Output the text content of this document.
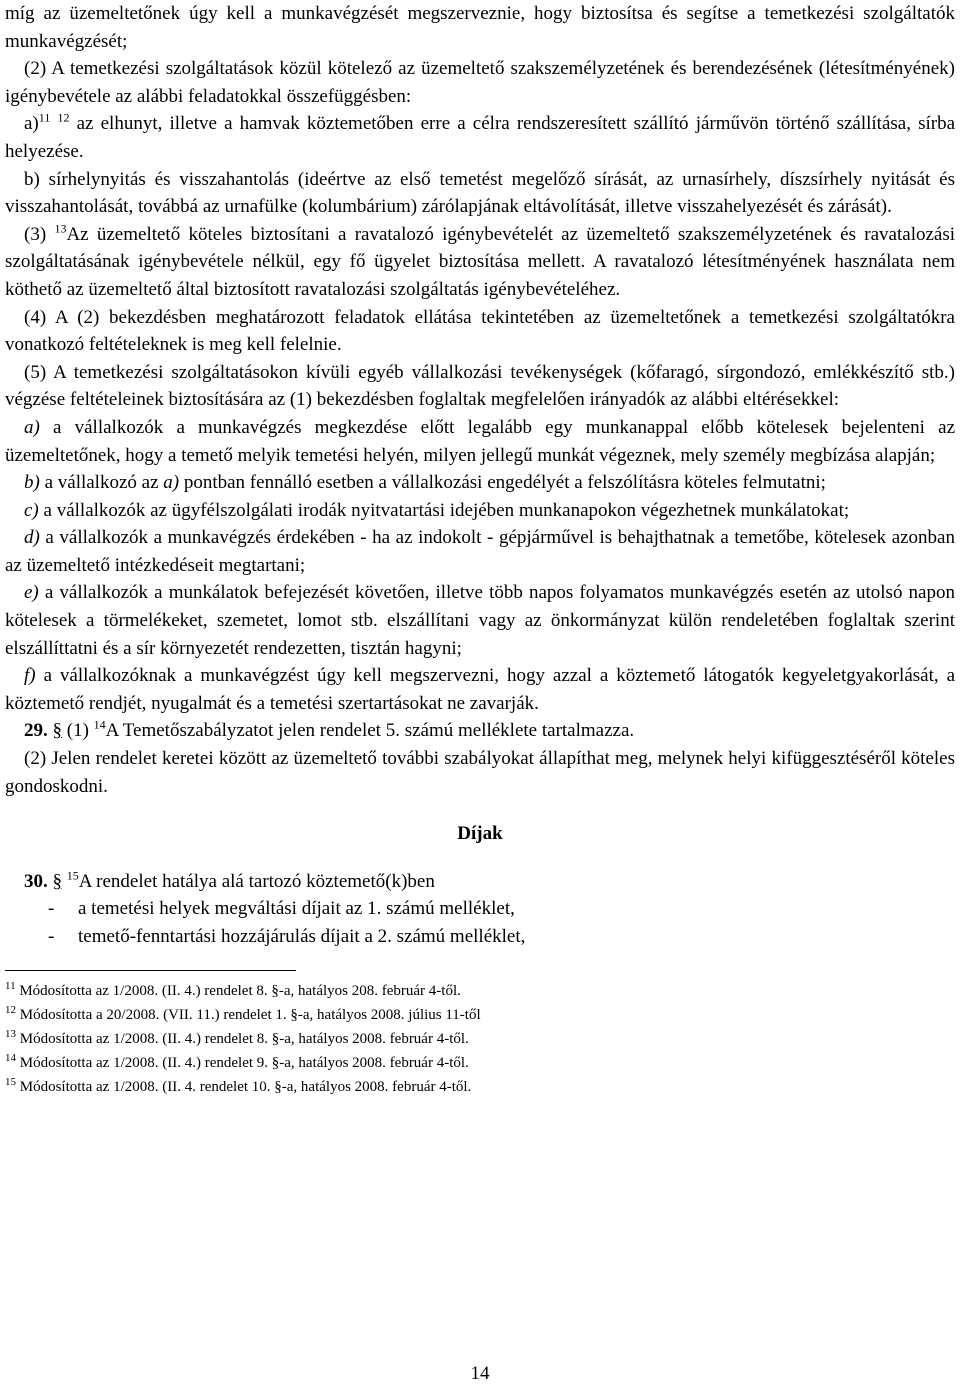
míg az üzemeltetőnek úgy kell a munkavégzését megszerveznie, hogy biztosítsa és segítse a temetkezési szolgáltatók munkavégzését;

(2) A temetkezési szolgáltatások közül kötelező az üzemeltető szakszemélyzetének és berendezésének (létesítményének) igénybevétele az alábbi feladatokkal összefüggésben:

a)$^{11}$ $^{12}$ az elhunyt, illetve a hamvak köztemetőben erre a célra rendszeresített szállító járművön történő szállítása, sírba helyezése.

b) sírhelynyitás és visszahantolás (ideértve az első temetést megelőző sírását, az urnasírhely, díszsírhely nyitását és visszahantolását, továbbá az urnafülke (kolumbárium) zárólapjának eltávolítását, illetve visszahelyezését és zárását).

(3) $^{13}$Az üzemeltető köteles biztosítani a ravatalozó igénybevételét az üzemeltető szakszemélyzetének és ravatalozási szolgáltatásának igénybevétele nélkül, egy fő ügyelet biztosítása mellett. A ravatalozó létesítményének használata nem köthető az üzemeltető által biztosított ravatalozási szolgáltatás igénybevételéhez.

(4) A (2) bekezdésben meghatározott feladatok ellátása tekintetében az üzemeltetőnek a temetkezési szolgáltatókra vonatkozó feltételeknek is meg kell felelnie.

(5) A temetkezési szolgáltatásokon kívüli egyéb vállalkozási tevékenységek (kőfaragó, sírgondozó, emlékkészítő stb.) végzése feltételeinek biztosítására az (1) bekezdésben foglaltak megfelelően irányadók az alábbi eltérésekkel:

a) a vállalkozók a munkavégzés megkezdése előtt legalább egy munkanappal előbb kötelesek bejelenteni az üzemeltetőnek, hogy a temető melyik temetési helyén, milyen jellegű munkát végeznek, mely személy megbízása alapján;

b) a vállalkozó az a) pontban fennálló esetben a vállalkozási engedélyét a felszólításra köteles felmutatni;

c) a vállalkozók az ügyfélszolgálati irodák nyitvatartási idejében munkanapokon végezhetnek munkálatokat;

d) a vállalkozók a munkavégzés érdekében - ha az indokolt - gépjárművel is behajthatnak a temetőbe, kötelesek azonban az üzemeltető intézkedéseit megtartani;

e) a vállalkozók a munkálatok befejezését követően, illetve több napos folyamatos munkavégzés esetén az utolsó napon kötelesek a törmelékeket, szemetet, lomot stb. elszállítani vagy az önkormányzat külön rendeletében foglaltak szerint elszállíttatni és a sír környezetét rendezetten, tisztán hagyni;

f) a vállalkozóknak a munkavégzést úgy kell megszervezni, hogy azzal a köztemető látogatók kegyeletgyakorlását, a köztemető rendjét, nyugalmát és a temetési szertartásokat ne zavarják.

29. § (1) $^{14}$A Temetőszabályzatot jelen rendelet 5. számú melléklete tartalmazza.

(2) Jelen rendelet keretei között az üzemeltető további szabályokat állapíthat meg, melynek helyi kifüggesztéséről köteles gondoskodni.

Díjak

30. § $^{15}$A rendelet hatálya alá tartozó köztemető(k)ben

-	a temetési helyek megváltási díjait az 1. számú melléklet,
-	temető-fenntartási hozzájárulás díjait a 2. számú melléklet,
$^{11}$ Módosította az 1/2008. (II. 4.) rendelet 8. §-a, hatályos 208. február 4-től.
$^{12}$ Módosította a 20/2008. (VII. 11.) rendelet 1. §-a, hatályos 2008. július 11-től
$^{13}$ Módosította az 1/2008. (II. 4.) rendelet 8. §-a, hatályos 2008. február 4-től.
$^{14}$ Módosította az 1/2008. (II. 4.) rendelet 9. §-a, hatályos 2008. február 4-től.
$^{15}$ Módosította az 1/2008. (II. 4. rendelet 10. §-a, hatályos 2008. február 4-től.
14
